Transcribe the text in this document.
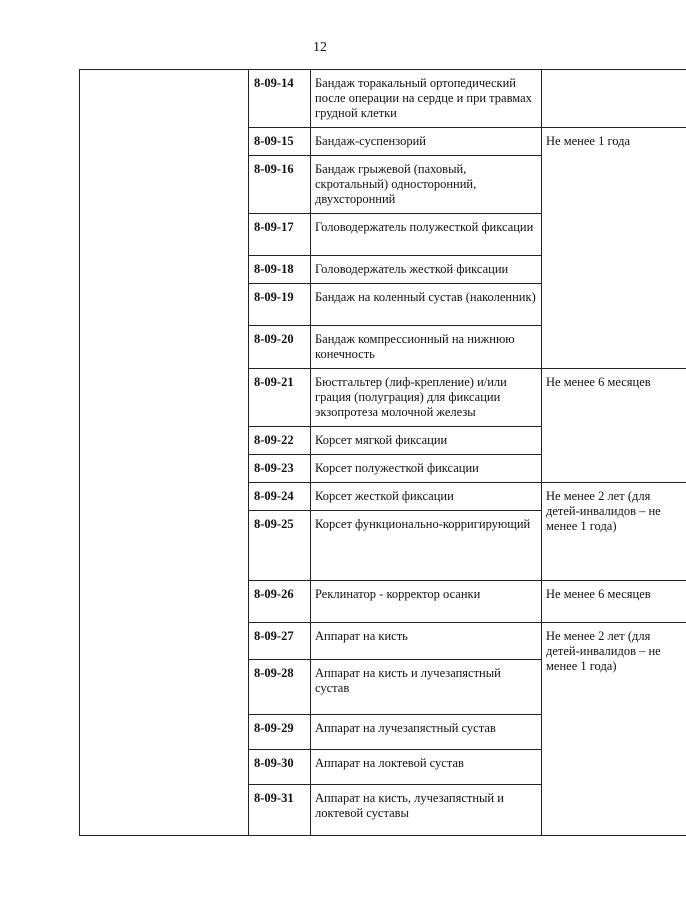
12
	8-09-14	Бандаж торакальный ортопедический после операции на сердце и при травмах грудной клетки	
	8-09-15	Бандаж-суспензорий	Не менее 1 года
	8-09-16	Бандаж грыжевой (паховый, скротальный) односторонний, двухсторонний	
	8-09-17	Головодержатель полужесткой фиксации	
	8-09-18	Головодержатель жесткой фиксации	
	8-09-19	Бандаж на коленный сустав (наколенник)	
	8-09-20	Бандаж компрессионный на нижнюю конечность	
	8-09-21	Бюстгальтер (лиф-крепление) и/или грация (полуграция) для фиксации экзопротеза молочной железы	Не менее 6 месяцев
	8-09-22	Корсет мягкой фиксации	
	8-09-23	Корсет полужесткой фиксации	
	8-09-24	Корсет жесткой фиксации	Не менее 2 лет (для детей-инвалидов – не менее 1 года)
	8-09-25	Корсет функционально-корригирующий	
	8-09-26	Реклинатор - корректор осанки	Не менее 6 месяцев
	8-09-27	Аппарат на кисть	Не менее 2 лет (для детей-инвалидов – не менее 1 года)
	8-09-28	Аппарат на кисть и лучезапястный сустав	
	8-09-29	Аппарат на лучезапястный сустав	
	8-09-30	Аппарат на локтевой сустав	
	8-09-31	Аппарат на кисть, лучезапястный и локтевой суставы	
